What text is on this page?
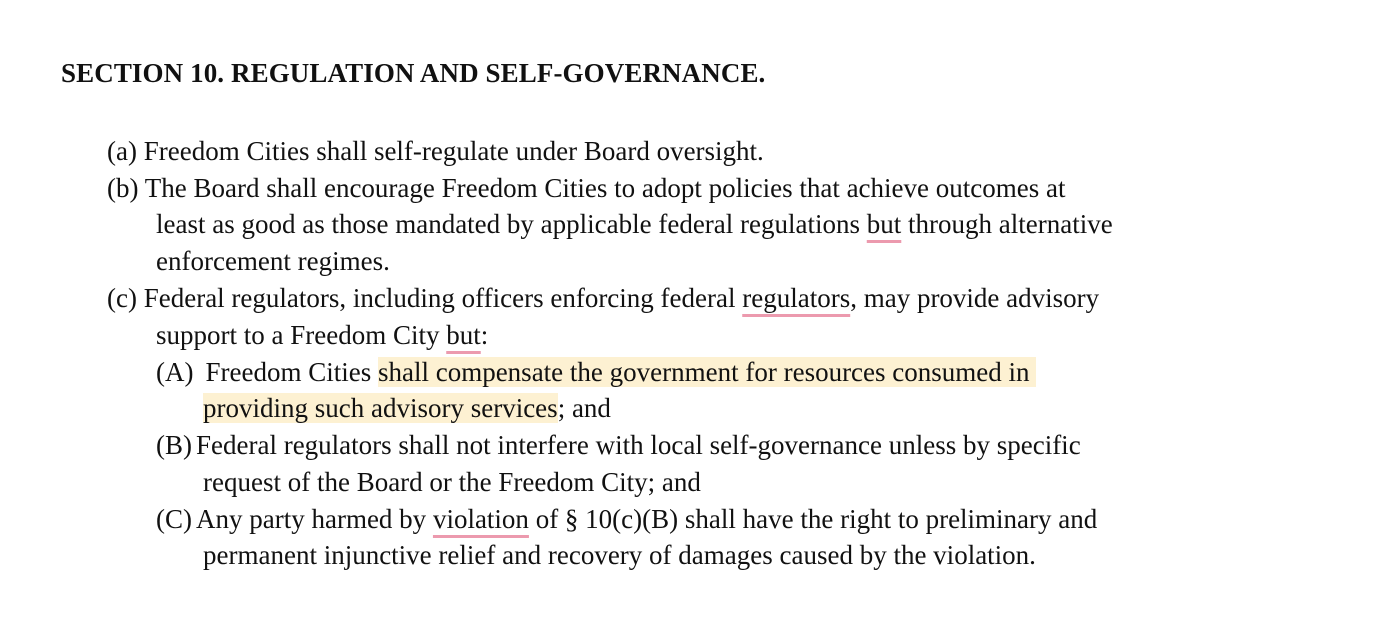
SECTION 10. REGULATION AND SELF-GOVERNANCE.
(a) Freedom Cities shall self-regulate under Board oversight.
(b) The Board shall encourage Freedom Cities to adopt policies that achieve outcomes at
least as good as those mandated by applicable federal regulations but through alternative
enforcement regimes.
(c) Federal regulators, including officers enforcing federal regulators, may provide advisory
support to a Freedom City but:
(A) Freedom Cities shall compensate the government for resources consumed in
providing such advisory services; and
(B) Federal regulators shall not interfere with local self-governance unless by specific
request of the Board or the Freedom City; and
(C) Any party harmed by violation of § 10(c)(B) shall have the right to preliminary and
permanent injunctive relief and recovery of damages caused by the violation.
